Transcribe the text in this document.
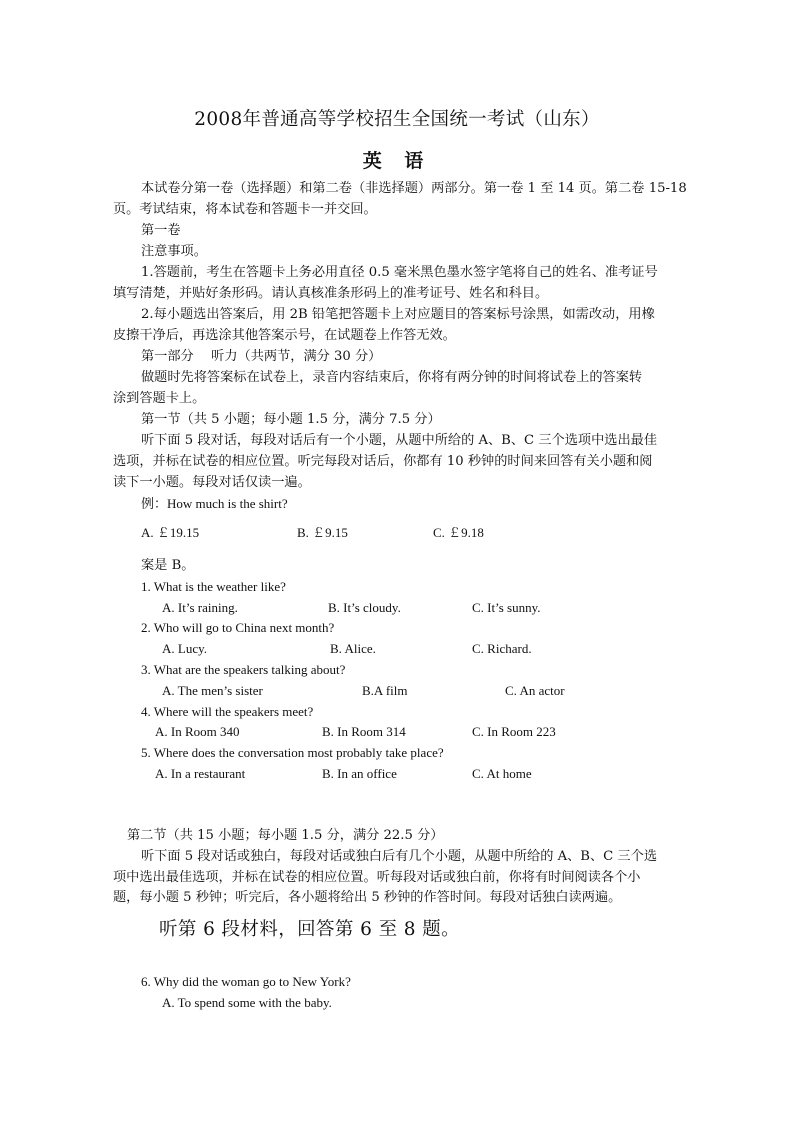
2008年普通高等学校招生全国统一考试（山东）
英 语
本试卷分第一卷（选择题）和第二卷（非选择题）两部分。第一卷 1 至 14 页。第二卷 15-18
页。考试结束，将本试卷和答题卡一并交回。
第一卷
注意事项。
1.答题前，考生在答题卡上务必用直径 0.5 毫米黑色墨水签字笔将自己的姓名、准考证号
填写清楚，并贴好条形码。请认真核准条形码上的准考证号、姓名和科目。
2.每小题选出答案后，用 2B 铅笔把答题卡上对应题目的答案标号涂黑，如需改动，用橡
皮擦干净后，再选涂其他答案示号，在试题卷上作答无效。
第一部分　 听力（共两节，满分 30 分）
做题时先将答案标在试卷上，录音内容结束后，你将有两分钟的时间将试卷上的答案转
涂到答题卡上。
第一节（共 5 小题；每小题 1.5 分，满分 7.5 分）
听下面 5 段对话，每段对话后有一个小题，从题中所给的 A、B、C 三个选项中选出最佳
选项，并标在试卷的相应位置。听完每段对话后，你都有 10 秒钟的时间来回答有关小题和阅
读下一小题。每段对话仅读一遍。
例：How much is the shirt?
A. ￡19.15	B. ￡9.15	C. ￡9.18
案是 B。
1. What is the weather like?
A. It’s raining.	B. It’s cloudy.	C. It’s sunny.
2. Who will go to China next month?
A. Lucy.	B. Alice.	C. Richard.
3. What are the speakers talking about?
A. The men’s sister	B.A film	C. An actor
4. Where will the speakers meet?
A. In Room 340	B. In Room 314	C. In Room 223
5. Where does the conversation most probably take place?
A. In a restaurant	B. In an office	C. At home
第二节（共 15 小题；每小题 1.5 分，满分 22.5 分）
听下面 5 段对话或独白，每段对话或独白后有几个小题，从题中所给的 A、B、C 三个选
项中选出最佳选项，并标在试卷的相应位置。听每段对话或独白前，你将有时间阅读各个小
题，每小题 5 秒钟；听完后，各小题将给出 5 秒钟的作答时间。每段对话独白读两遍。
听第 6 段材料，回答第 6 至 8 题。
6. Why did the woman go to New York?
A. To spend some with the baby.
